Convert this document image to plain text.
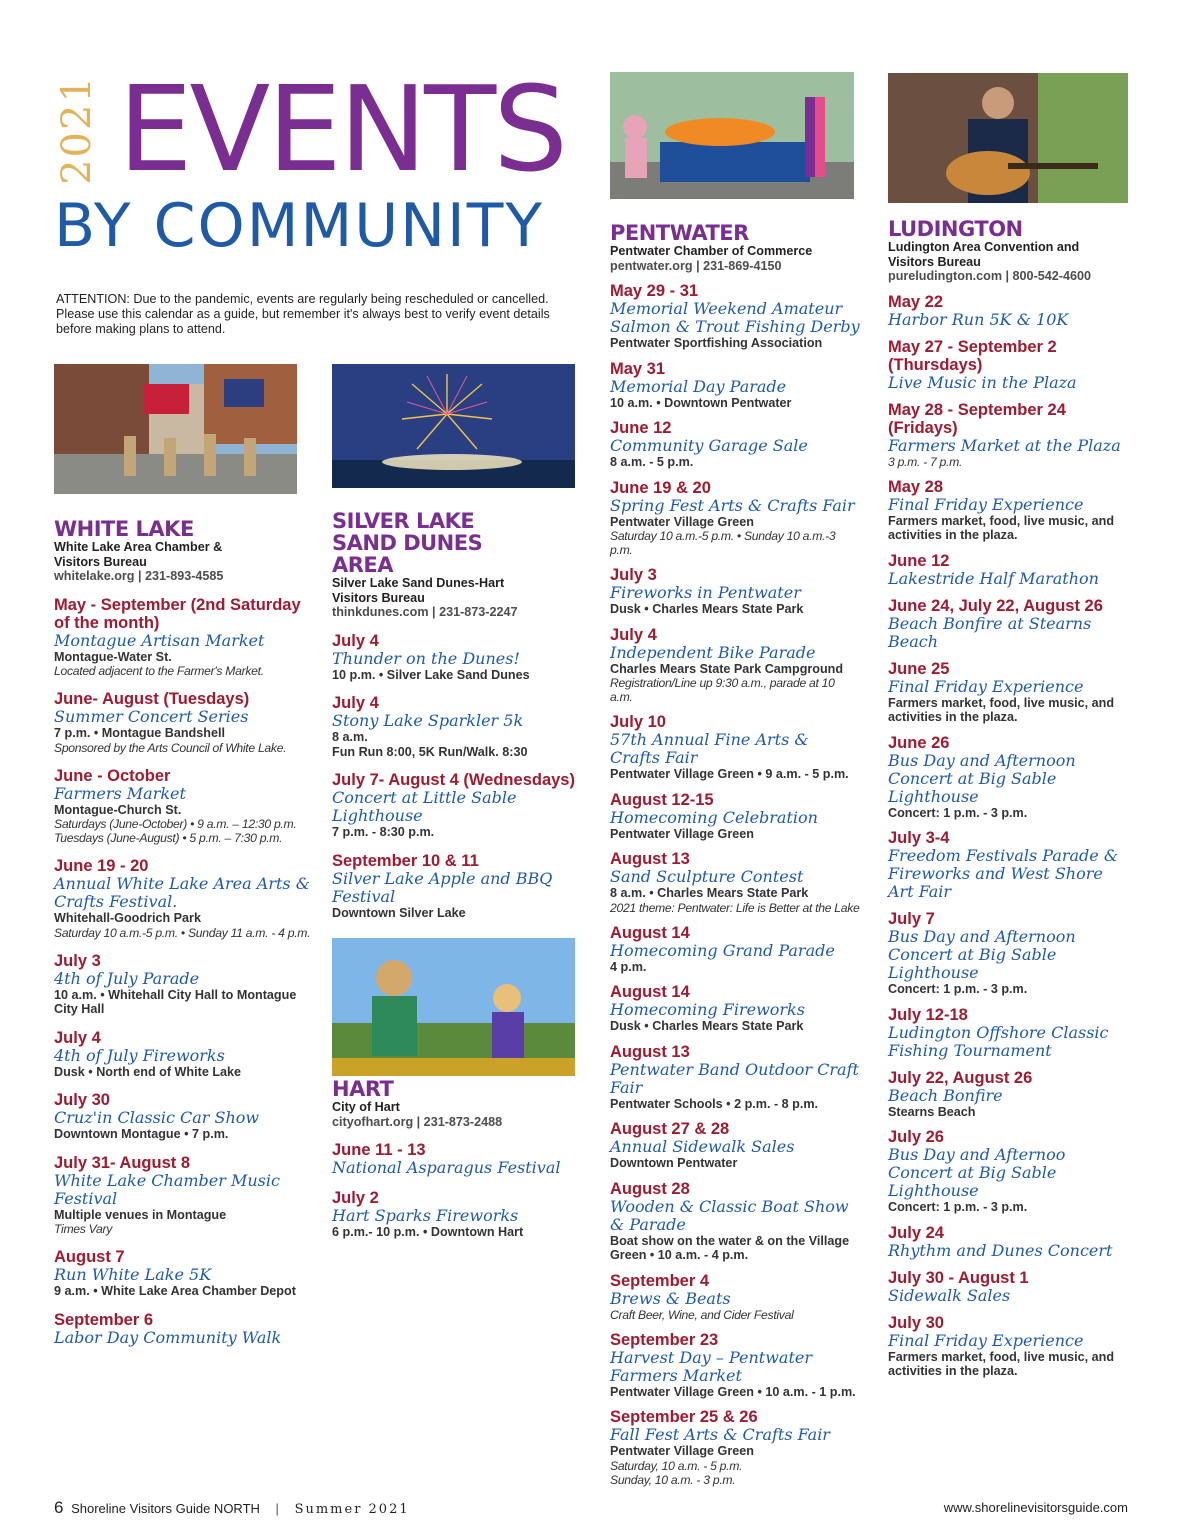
2021 EVENTS
BY COMMUNITY

ATTENTION: Due to the pandemic, events are regularly being rescheduled or cancelled. Please use this calendar as a guide, but remember it's always best to verify event details before making plans to attend.

WHITE LAKE
White Lake Area Chamber & Visitors Bureau
whitelake.org | 231-893-4585
May - September (2nd Saturday of the month)
Montague Artisan Market
Montague-Water St.
Located adjacent to the Farmer's Market.
June- August (Tuesdays)
Summer Concert Series
7 p.m. • Montague Bandshell
Sponsored by the Arts Council of White Lake.
June - October
Farmers Market
Montague-Church St.
Saturdays (June-October) • 9 a.m. – 12:30 p.m.
Tuesdays (June-August) • 5 p.m. – 7:30 p.m.
June 19 - 20
Annual White Lake Area Arts & Crafts Festival.
Whitehall-Goodrich Park
Saturday 10 a.m.-5 p.m. • Sunday 11 a.m. - 4 p.m.
July 3
4th of July Parade
10 a.m. • Whitehall City Hall to Montague City Hall
July 4
4th of July Fireworks
Dusk • North end of White Lake
July 30
Cruz'in Classic Car Show
Downtown Montague • 7 p.m.
July 31- August 8
White Lake Chamber Music Festival
Multiple venues in Montague
Times Vary
August 7
Run White Lake 5K
9 a.m. • White Lake Area Chamber Depot
September 6
Labor Day Community Walk
SILVER LAKE SAND DUNES AREA
Silver Lake Sand Dunes-Hart Visitors Bureau
thinkdunes.com | 231-873-2247
July 4
Thunder on the Dunes!
10 p.m. • Silver Lake Sand Dunes
July 4
Stony Lake Sparkler 5k
8 a.m.
Fun Run 8:00, 5K Run/Walk. 8:30
July 7- August 4 (Wednesdays)
Concert at Little Sable Lighthouse
7 p.m. - 8:30 p.m.
September 10 & 11
Silver Lake Apple and BBQ Festival
Downtown Silver Lake
HART
City of Hart
cityofhart.org | 231-873-2488
June 11 - 13
National Asparagus Festival
July 2
Hart Sparks Fireworks
6 p.m.- 10 p.m. • Downtown Hart
PENTWATER
Pentwater Chamber of Commerce
pentwater.org | 231-869-4150
May 29 - 31
Memorial Weekend Amateur Salmon & Trout Fishing Derby
Pentwater Sportfishing Association
May 31
Memorial Day Parade
10 a.m. • Downtown Pentwater
June 12
Community Garage Sale
8 a.m. - 5 p.m.
June 19 & 20
Spring Fest Arts & Crafts Fair
Pentwater Village Green
Saturday 10 a.m.-5 p.m. • Sunday 10 a.m.-3 p.m.
July 3
Fireworks in Pentwater
Dusk • Charles Mears State Park
July 4
Independent Bike Parade
Charles Mears State Park Campground
Registration/Line up 9:30 a.m., parade at 10 a.m.
July 10
57th Annual Fine Arts & Crafts Fair
Pentwater Village Green • 9 a.m. - 5 p.m.
August 12-15
Homecoming Celebration
Pentwater Village Green
August 13
Sand Sculpture Contest
8 a.m. • Charles Mears State Park
2021 theme: Pentwater: Life is Better at the Lake
August 14
Homecoming Grand Parade
4 p.m.
August 14
Homecoming Fireworks
Dusk • Charles Mears State Park
August 13
Pentwater Band Outdoor Craft Fair
Pentwater Schools • 2 p.m. - 8 p.m.
August 27 & 28
Annual Sidewalk Sales
Downtown Pentwater
August 28
Wooden & Classic Boat Show & Parade
Boat show on the water & on the Village Green • 10 a.m. - 4 p.m.
September 4
Brews & Beats
Craft Beer, Wine, and Cider Festival
September 23
Harvest Day – Pentwater Farmers Market
Pentwater Village Green • 10 a.m. - 1 p.m.
September 25 & 26
Fall Fest Arts & Crafts Fair
Pentwater Village Green
Saturday, 10 a.m. - 5 p.m.
Sunday, 10 a.m. - 3 p.m.
LUDINGTON
Ludington Area Convention and Visitors Bureau
pureludington.com | 800-542-4600
May 22
Harbor Run 5K & 10K
May 27 - September 2 (Thursdays)
Live Music in the Plaza
May 28 - September 24 (Fridays)
Farmers Market at the Plaza
3 p.m. - 7 p.m.
May 28
Final Friday Experience
Farmers market, food, live music, and activities in the plaza.
June 12
Lakestride Half Marathon
June 24, July 22, August 26
Beach Bonfire at Stearns Beach
June 25
Final Friday Experience
Farmers market, food, live music, and activities in the plaza.
June 26
Bus Day and Afternoon Concert at Big Sable Lighthouse
Concert: 1 p.m. - 3 p.m.
July 3-4
Freedom Festivals Parade & Fireworks and West Shore Art Fair
July 7
Bus Day and Afternoon Concert at Big Sable Lighthouse
Concert: 1 p.m. - 3 p.m.
July 12-18
Ludington Offshore Classic Fishing Tournament
July 22, August 26
Beach Bonfire
Stearns Beach
July 26
Bus Day and Afternoo Concert at Big Sable Lighthouse
Concert: 1 p.m. - 3 p.m.
July 24
Rhythm and Dunes Concert
July 30 - August 1
Sidewalk Sales
July 30
Final Friday Experience
Farmers market, food, live music, and activities in the plaza.
6 Shoreline Visitors Guide NORTH | Summer 2021	www.shorelinevisitorsguide.com
